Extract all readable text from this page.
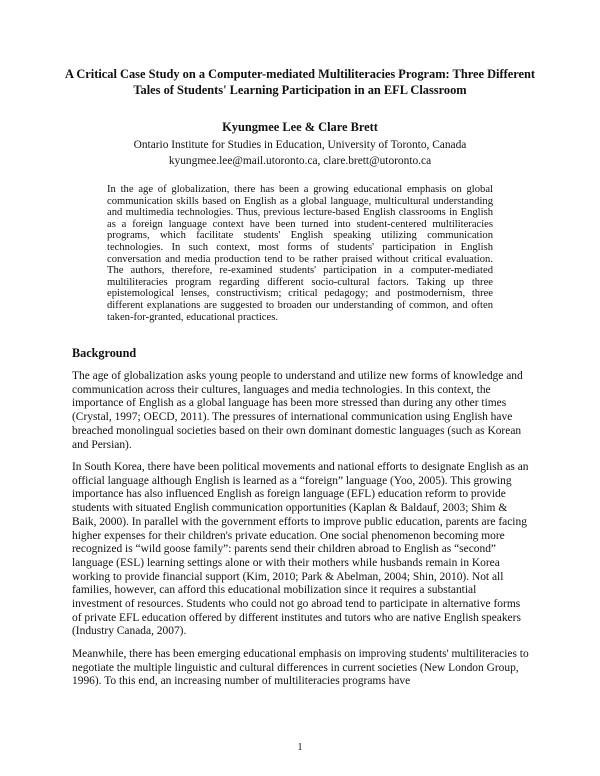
A Critical Case Study on a Computer-mediated Multiliteracies Program: Three Different Tales of Students' Learning Participation in an EFL Classroom

Kyungmee Lee & Clare Brett

Ontario Institute for Studies in Education, University of Toronto, Canada
kyungmee.lee@mail.utoronto.ca, clare.brett@utoronto.ca

In the age of globalization, there has been a growing educational emphasis on global communication skills based on English as a global language, multicultural understanding and multimedia technologies. Thus, previous lecture-based English classrooms in English as a foreign language context have been turned into student-centered multiliteracies programs, which facilitate students' English speaking utilizing communication technologies. In such context, most forms of students' participation in English conversation and media production tend to be rather praised without critical evaluation. The authors, therefore, re-examined students' participation in a computer-mediated multiliteracies program regarding different socio-cultural factors. Taking up three epistemological lenses, constructivism; critical pedagogy; and postmodernism, three different explanations are suggested to broaden our understanding of common, and often taken-for-granted, educational practices.

Background

The age of globalization asks young people to understand and utilize new forms of knowledge and communication across their cultures, languages and media technologies. In this context, the importance of English as a global language has been more stressed than during any other times (Crystal, 1997; OECD, 2011). The pressures of international communication using English have breached monolingual societies based on their own dominant domestic languages (such as Korean and Persian).

In South Korea, there have been political movements and national efforts to designate English as an official language although English is learned as a “foreign” language (Yoo, 2005). This growing importance has also influenced English as foreign language (EFL) education reform to provide students with situated English communication opportunities (Kaplan & Baldauf, 2003; Shim & Baik, 2000). In parallel with the government efforts to improve public education, parents are facing higher expenses for their children's private education. One social phenomenon becoming more recognized is “wild goose family”: parents send their children abroad to English as “second” language (ESL) learning settings alone or with their mothers while husbands remain in Korea working to provide financial support (Kim, 2010; Park & Abelman, 2004; Shin, 2010). Not all families, however, can afford this educational mobilization since it requires a substantial investment of resources. Students who could not go abroad tend to participate in alternative forms of private EFL education offered by different institutes and tutors who are native English speakers (Industry Canada, 2007).

Meanwhile, there has been emerging educational emphasis on improving students' multiliteracies to negotiate the multiple linguistic and cultural differences in current societies (New London Group, 1996). To this end, an increasing number of multiliteracies programs have

1
